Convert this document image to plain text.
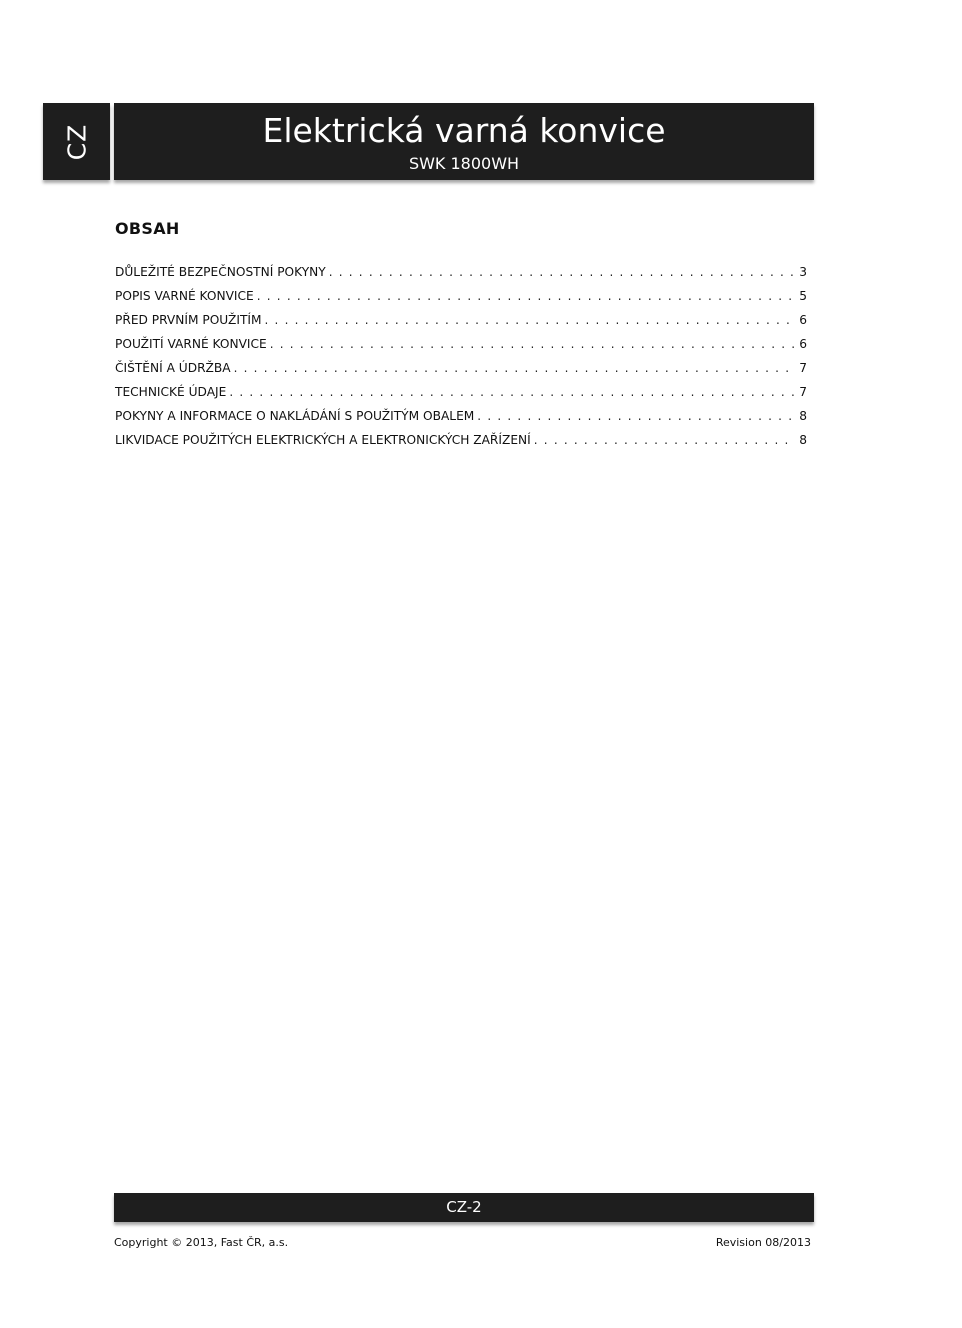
CZ	Elektrická varná konvice
SWK 1800WH
OBSAH
DŮLEŽITÉ BEZPEČNOSTNÍ POKYNY . . .	3
POPIS VARNÉ KONVICE . . .	5
PŘED PRVNÍM POUŽITÍM . . .	6
POUŽITÍ VARNÉ KONVICE . . .	6
ČIŠTĚNÍ A ÚDRŽBA . . .	7
TECHNICKÉ ÚDAJE . . .	7
POKYNY A INFORMACE O NAKLÁDÁNÍ S POUŽITÝM OBALEM . . .	8
LIKVIDACE POUŽITÝCH ELEKTRICKÝCH A ELEKTRONICKÝCH ZAŘÍZENÍ . . .	8
CZ-2
Copyright © 2013, Fast ČR, a.s.	Revision 08/2013
